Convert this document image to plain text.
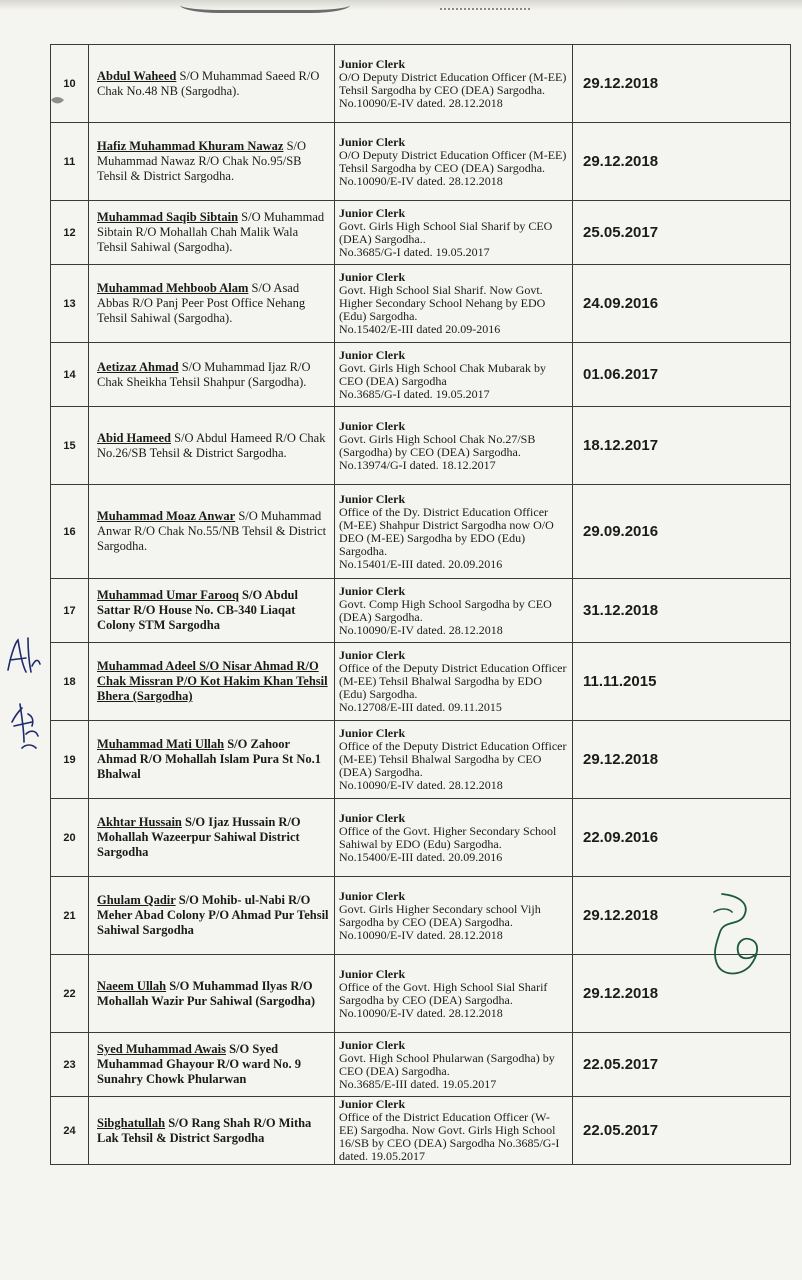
10	Abdul Waheed S/O Muhammad Saeed R/O Chak No.48 NB (Sargodha).	Junior Clerk
O/O Deputy District Education Officer (M-EE) Tehsil Sargodha by CEO (DEA) Sargodha.
No.10090/E-IV dated. 28.12.2018	29.12.2018
11	Hafiz Muhammad Khuram Nawaz S/O Muhammad Nawaz R/O Chak No.95/SB Tehsil & District Sargodha.	Junior Clerk
O/O Deputy District Education Officer (M-EE) Tehsil Sargodha by CEO (DEA) Sargodha.
No.10090/E-IV dated. 28.12.2018	29.12.2018
12	Muhammad Saqib Sibtain S/O Muhammad Sibtain R/O Mohallah Chah Malik Wala Tehsil Sahiwal (Sargodha).	Junior Clerk
Govt. Girls High School Sial Sharif by CEO (DEA) Sargodha..
No.3685/G-I dated. 19.05.2017	25.05.2017
13	Muhammad Mehboob Alam S/O Asad Abbas R/O Panj Peer Post Office Nehang Tehsil Sahiwal (Sargodha).	Junior Clerk
Govt. High School Sial Sharif. Now Govt. Higher Secondary School Nehang by EDO (Edu) Sargodha.
No.15402/E-III dated 20.09-2016	24.09.2016
14	Aetizaz Ahmad S/O Muhammad Ijaz R/O Chak Sheikha Tehsil Shahpur (Sargodha).	Junior Clerk
Govt. Girls High School Chak Mubarak by CEO (DEA) Sargodha
No.3685/G-I dated. 19.05.2017	01.06.2017
15	Abid Hameed S/O Abdul Hameed R/O Chak No.26/SB Tehsil & District Sargodha.	Junior Clerk
Govt. Girls High School Chak No.27/SB (Sargodha) by CEO (DEA) Sargodha.
No.13974/G-I dated. 18.12.2017	18.12.2017
16	Muhammad Moaz Anwar S/O Muhammad Anwar R/O Chak No.55/NB Tehsil & District Sargodha.	Junior Clerk
Office of the Dy. District Education Officer (M-EE) Shahpur District Sargodha now O/O DEO (M-EE) Sargodha by EDO (Edu) Sargodha.
No.15401/E-III dated. 20.09.2016	29.09.2016
17	Muhammad Umar Farooq S/O Abdul Sattar R/O House No. CB-340 Liaqat Colony STM Sargodha	Junior Clerk
Govt. Comp High School Sargodha by CEO (DEA) Sargodha.
No.10090/E-IV dated. 28.12.2018	31.12.2018
18	Muhammad Adeel S/O Nisar Ahmad R/O Chak Missran P/O Kot Hakim Khan Tehsil Bhera (Sargodha)	Junior Clerk
Office of the Deputy District Education Officer (M-EE) Tehsil Bhalwal Sargodha by EDO (Edu) Sargodha.
No.12708/E-III dated. 09.11.2015	11.11.2015
19	Muhammad Mati Ullah S/O Zahoor Ahmad R/O Mohallah Islam Pura St No.1 Bhalwal	Junior Clerk
Office of the Deputy District Education Officer (M-EE) Tehsil Bhalwal Sargodha by CEO (DEA) Sargodha.
No.10090/E-IV dated. 28.12.2018	29.12.2018
20	Akhtar Hussain S/O Ijaz Hussain R/O Mohallah Wazeerpur Sahiwal District Sargodha	Junior Clerk
Office of the Govt. Higher Secondary School Sahiwal by EDO (Edu) Sargodha.
No.15400/E-III dated. 20.09.2016	22.09.2016
21	Ghulam Qadir S/O Mohib- ul-Nabi R/O Meher Abad Colony P/O Ahmad Pur Tehsil Sahiwal Sargodha	Junior Clerk
Govt. Girls Higher Secondary school Vijh Sargodha by CEO (DEA) Sargodha.
No.10090/E-IV dated. 28.12.2018	29.12.2018
22	Naeem Ullah S/O Muhammad Ilyas R/O Mohallah Wazir Pur Sahiwal (Sargodha)	Junior Clerk
Office of the Govt. High School Sial Sharif Sargodha by CEO (DEA) Sargodha.
No.10090/E-IV dated. 28.12.2018	29.12.2018
23	Syed Muhammad Awais S/O Syed Muhammad Ghayour R/O ward No. 9 Sunahry Chowk Phularwan	Junior Clerk
Govt. High School Phularwan (Sargodha) by CEO (DEA) Sargodha.
No.3685/E-III dated. 19.05.2017	22.05.2017
24	Sibghatullah S/O Rang Shah R/O Mitha Lak Tehsil & District Sargodha	Junior Clerk
Office of the District Education Officer (W-EE) Sargodha. Now Govt. Girls High School 16/SB by CEO (DEA) Sargodha No.3685/G-I dated. 19.05.2017	22.05.2017
